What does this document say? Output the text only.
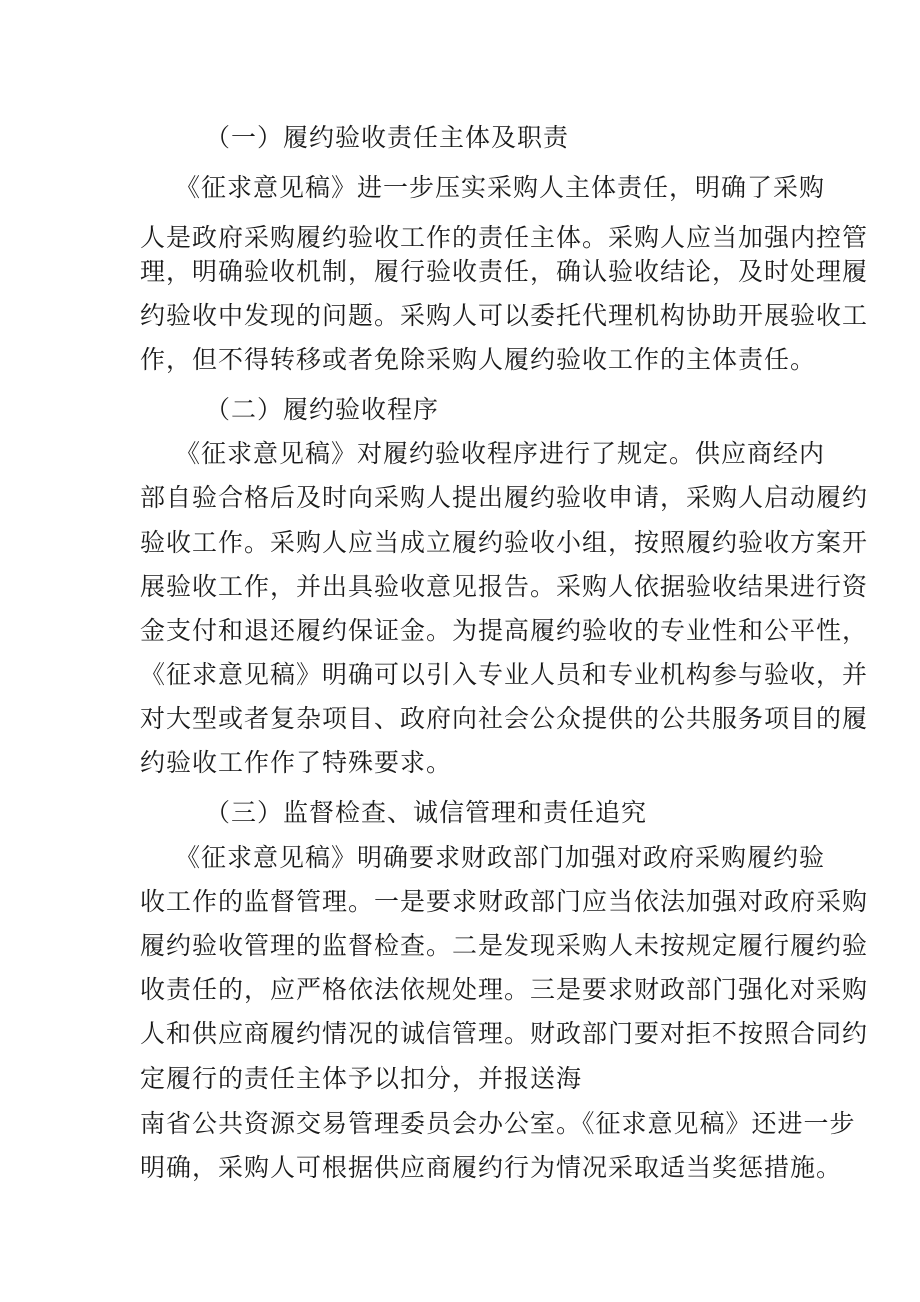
（一）履约验收责任主体及职责
《征求意见稿》进一步压实采购人主体责任，明确了采购
人是政府采购履约验收工作的责任主体。采购人应当加强内控管
理，明确验收机制，履行验收责任，确认验收结论，及时处理履
约验收中发现的问题。采购人可以委托代理机构协助开展验收工
作，但不得转移或者免除采购人履约验收工作的主体责任。
（二）履约验收程序
《征求意见稿》对履约验收程序进行了规定。供应商经内
部自验合格后及时向采购人提出履约验收申请，采购人启动履约
验收工作。采购人应当成立履约验收小组，按照履约验收方案开
展验收工作，并出具验收意见报告。采购人依据验收结果进行资
金支付和退还履约保证金。为提高履约验收的专业性和公平性，
《征求意见稿》明确可以引入专业人员和专业机构参与验收，并
对大型或者复杂项目、政府向社会公众提供的公共服务项目的履
约验收工作作了特殊要求。
（三）监督检查、诚信管理和责任追究
《征求意见稿》明确要求财政部门加强对政府采购履约验
收工作的监督管理。一是要求财政部门应当依法加强对政府采购
履约验收管理的监督检查。二是发现采购人未按规定履行履约验
收责任的，应严格依法依规处理。三是要求财政部门强化对采购
人和供应商履约情况的诚信管理。财政部门要对拒不按照合同约
定履行的责任主体予以扣分，并报送海
南省公共资源交易管理委员会办公室。《征求意见稿》还进一步
明确，采购人可根据供应商履约行为情况采取适当奖惩措施。
